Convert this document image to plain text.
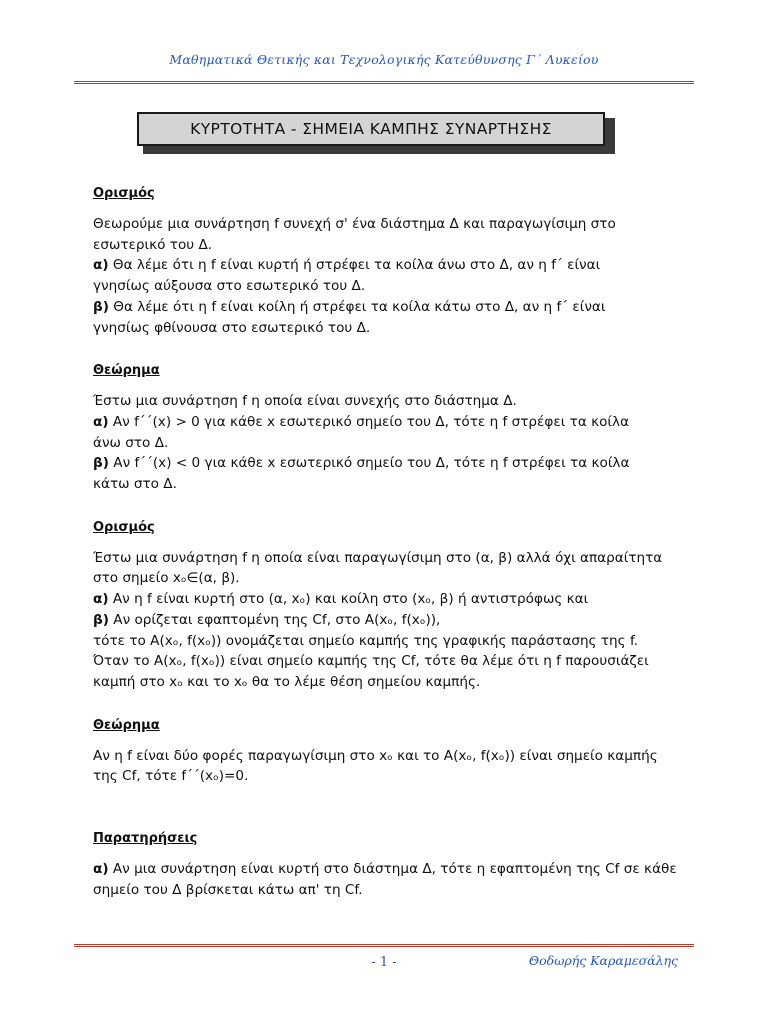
Μαθηματικά Θετικής και Τεχνολογικής Κατεύθυνσης Γ΄ Λυκείου
ΚΥΡΤΟΤΗΤΑ - ΣΗΜΕΙΑ ΚΑΜΠΗΣ ΣΥΝΑΡΤΗΣΗΣ

Ορισμός

Θεωρούμε μια συνάρτηση f συνεχή σ' ένα διάστημα Δ και παραγωγίσιμη στο

εσωτερικό του Δ.

α) Θα λέμε ότι η f είναι κυρτή ή στρέφει τα κοίλα άνω στο Δ, αν η f΄ είναι

γνησίως αύξουσα στο εσωτερικό του Δ.

β) Θα λέμε ότι η f είναι κοίλη ή στρέφει τα κοίλα κάτω στο Δ, αν η f΄ είναι

γνησίως φθίνουσα στο εσωτερικό του Δ.

Θεώρημα

Έστω μια συνάρτηση f η οποία είναι συνεχής στο διάστημα Δ.

α) Αν f΄΄(x) > 0 για κάθε x εσωτερικό σημείο του Δ, τότε η f στρέφει τα κοίλα

άνω στο Δ.

β) Αν f΄΄(x) < 0 για κάθε x εσωτερικό σημείο του Δ, τότε η f στρέφει τα κοίλα

κάτω στο Δ.

Ορισμός

Έστω μια συνάρτηση f η οποία είναι παραγωγίσιμη στο (α, β) αλλά όχι απαραίτητα

στο σημείο xₒ∈(α, β).

α) Αν η f είναι κυρτή στο (α, xₒ) και κοίλη στο (xₒ, β) ή αντιστρόφως και

β) Αν ορίζεται εφαπτομένη της Cf, στο Α(xₒ, f(xₒ)),

τότε το Α(xₒ, f(xₒ)) ονομάζεται σημείο καμπής της γραφικής παράστασης της f.

Όταν το Α(xₒ, f(xₒ)) είναι σημείο καμπής της Cf, τότε θα λέμε ότι η f παρουσιάζει

καμπή στο xₒ και το xₒ θα το λέμε θέση σημείου καμπής.

Θεώρημα

Αν η f είναι δύο φορές παραγωγίσιμη στο xₒ και το Α(xₒ, f(xₒ)) είναι σημείο καμπής

της Cf, τότε f΄΄(xₒ)=0.

Παρατηρήσεις

α) Αν μια συνάρτηση είναι κυρτή στο διάστημα Δ, τότε η εφαπτομένη της Cf σε κάθε

σημείο του Δ βρίσκεται κάτω απ' τη Cf.

- 1 -	Θοδωρής Καραμεσάλης
